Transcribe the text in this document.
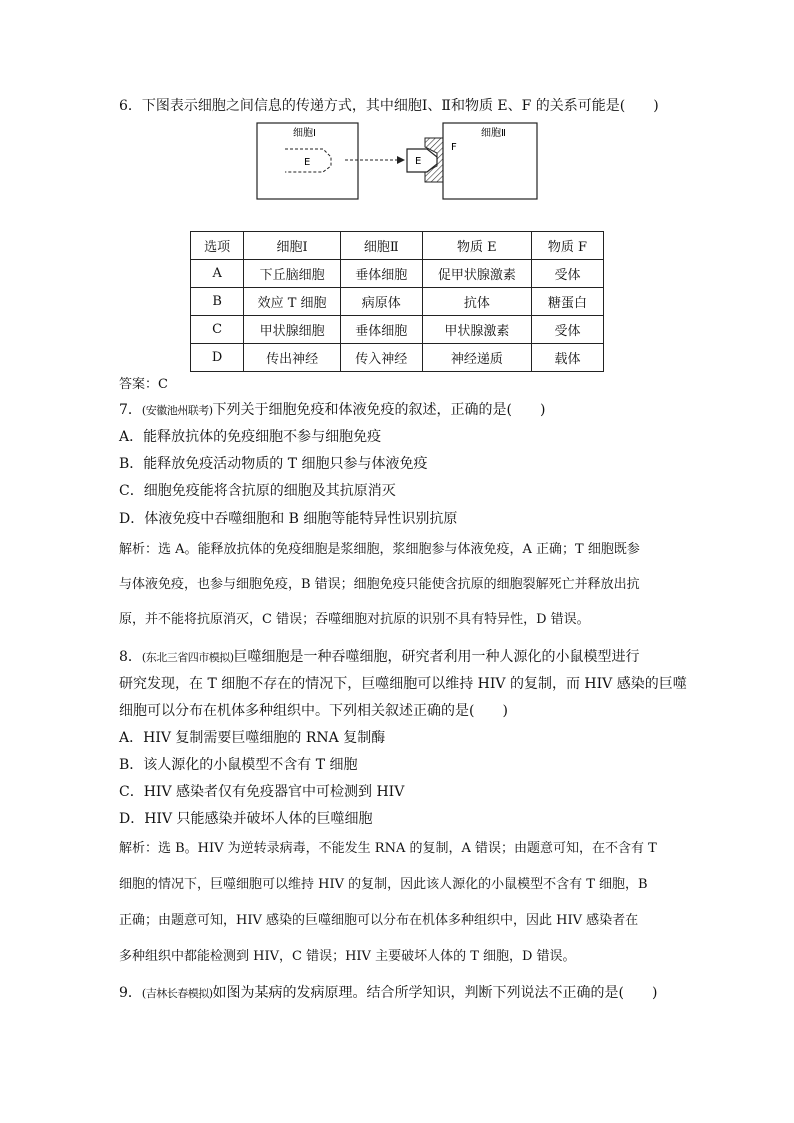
6．下图表示细胞之间信息的传递方式，其中细胞Ⅰ、Ⅱ和物质 E、F 的关系可能是(　　)
细胞Ⅰ
E
细胞Ⅱ
F
E
选项	细胞Ⅰ	细胞Ⅱ	物质 E	物质 F
A	下丘脑细胞	垂体细胞	促甲状腺激素	受体
B	效应 T 细胞	病原体	抗体	糖蛋白
C	甲状腺细胞	垂体细胞	甲状腺激素	受体
D	传出神经	传入神经	神经递质	载体
答案：C
7．(安徽池州联考)下列关于细胞免疫和体液免疫的叙述，正确的是(　　)
A．能释放抗体的免疫细胞不参与细胞免疫
B．能释放免疫活动物质的 T 细胞只参与体液免疫
C．细胞免疫能将含抗原的细胞及其抗原消灭
D．体液免疫中吞噬细胞和 B 细胞等能特异性识别抗原
解析：选 A。能释放抗体的免疫细胞是浆细胞，浆细胞参与体液免疫，A 正确；T 细胞既参
与体液免疫，也参与细胞免疫，B 错误；细胞免疫只能使含抗原的细胞裂解死亡并释放出抗
原，并不能将抗原消灭，C 错误；吞噬细胞对抗原的识别不具有特异性，D 错误。
8．(东北三省四市模拟)巨噬细胞是一种吞噬细胞，研究者利用一种人源化的小鼠模型进行
研究发现，在 T 细胞不存在的情况下，巨噬细胞可以维持 HIV 的复制，而 HIV 感染的巨噬
细胞可以分布在机体多种组织中。下列相关叙述正确的是(　　)
A．HIV 复制需要巨噬细胞的 RNA 复制酶
B．该人源化的小鼠模型不含有 T 细胞
C．HIV 感染者仅有免疫器官中可检测到 HIV
D．HIV 只能感染并破坏人体的巨噬细胞
解析：选 B。HIV 为逆转录病毒，不能发生 RNA 的复制，A 错误；由题意可知，在不含有 T
细胞的情况下，巨噬细胞可以维持 HIV 的复制，因此该人源化的小鼠模型不含有 T 细胞，B
正确；由题意可知，HIV 感染的巨噬细胞可以分布在机体多种组织中，因此 HIV 感染者在
多种组织中都能检测到 HIV，C 错误；HIV 主要破坏人体的 T 细胞，D 错误。
9．(吉林长春模拟)如图为某病的发病原理。结合所学知识，判断下列说法不正确的是(　　)
